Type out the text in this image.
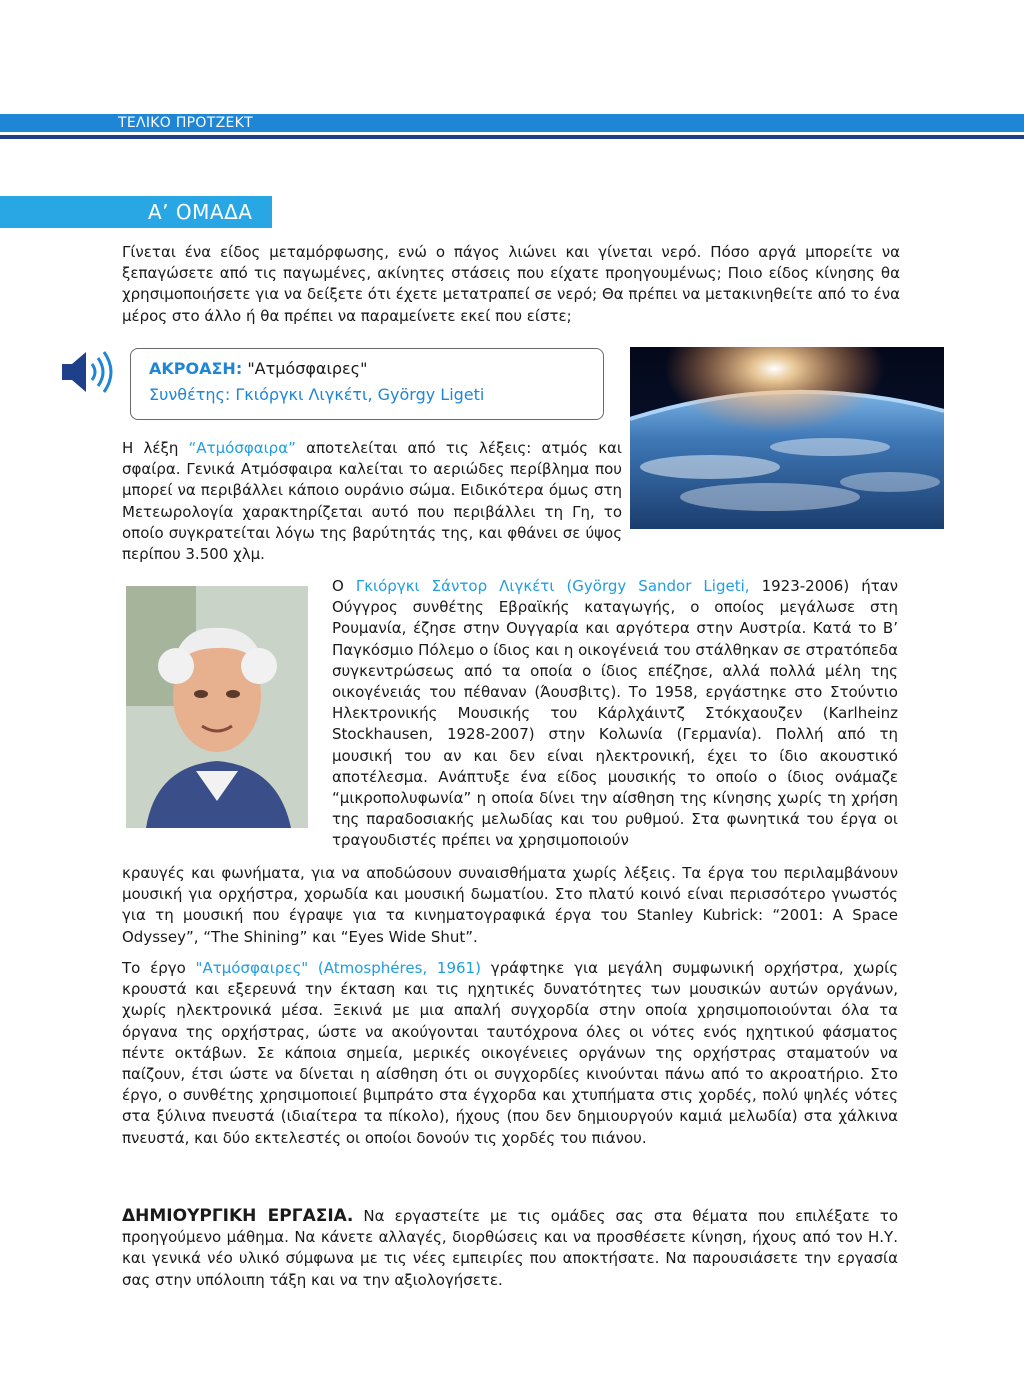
ΤΕΛΙΚΟ ΠΡΟΤΖΕΚΤ
Α’ ΟΜΑΔΑ

Γίνεται ένα είδος μεταμόρφωσης, ενώ ο πάγος λιώνει και γίνεται νερό. Πόσο αργά μπορείτε να ξεπαγώσετε από τις παγωμένες, ακίνητες στάσεις που είχατε προηγουμένως; Ποιο είδος κίνησης θα χρησιμοποιήσετε για να δείξετε ότι έχετε μετατραπεί σε νερό; Θα πρέπει να μετακινηθείτε από το ένα μέρος στο άλλο ή θα πρέπει να παραμείνετε εκεί που είστε;

ΑΚΡΟΑΣΗ: "Ατμόσφαιρες"
Συνθέτης: Γκιόργκι Λιγκέτι, György Ligeti

Η λέξη “Ατμόσφαιρα” αποτελείται από τις λέξεις: ατμός και σφαίρα. Γενικά Ατμόσφαιρα καλείται το αεριώδες περίβλημα που μπορεί να περιβάλλει κάποιο ουράνιο σώμα. Ειδικότερα όμως στη Μετεωρολογία χαρακτηρίζεται αυτό που περιβάλλει τη Γη, το οποίο συγκρατείται λόγω της βαρύτητάς της, και φθάνει σε ύψος περίπου 3.500 χλμ.

Ο Γκιόργκι Σάντορ Λιγκέτι (György Sandor Ligeti, 1923-2006) ήταν Ούγγρος συνθέτης Εβραϊκής καταγωγής, ο οποίος μεγάλωσε στη Ρουμανία, έζησε στην Ουγγαρία και αργότερα στην Αυστρία. Κατά το Β’ Παγκόσμιο Πόλεμο ο ίδιος και η οικογένειά του στάλθηκαν σε στρατόπεδα συγκεντρώσεως από τα οποία ο ίδιος επέζησε, αλλά πολλά μέλη της οικογένειάς του πέθαναν (Άουσβιτς). Το 1958, εργάστηκε στο Στούντιο Ηλεκτρονικής Μουσικής του Κάρλχάιντζ Στόκχαουζεν (Karlheinz Stockhausen, 1928-2007) στην Κολωνία (Γερμανία). Πολλή από τη μουσική του αν και δεν είναι ηλεκτρονική, έχει το ίδιο ακουστικό αποτέλεσμα. Ανάπτυξε ένα είδος μουσικής το οποίο ο ίδιος ονάμαζε “μικροπολυφωνία” η οποία δίνει την αίσθηση της κίνησης χωρίς τη χρήση της παραδοσιακής μελωδίας και του ρυθμού. Στα φωνητικά του έργα οι τραγουδιστές πρέπει να χρησιμοποιούν

κραυγές και φωνήματα, για να αποδώσουν συναισθήματα χωρίς λέξεις. Τα έργα του περιλαμβάνουν μουσική για ορχήστρα, χορωδία και μουσική δωματίου. Στο πλατύ κοινό είναι περισσότερο γνωστός για τη μουσική που έγραψε για τα κινηματογραφικά έργα του Stanley Kubrick: “2001: A Space Odyssey”, “The Shining” και “Eyes Wide Shut”.

Το έργο "Ατμόσφαιρες" (Atmosphéres, 1961) γράφτηκε για μεγάλη συμφωνική ορχήστρα, χωρίς κρουστά και εξερευνά την έκταση και τις ηχητικές δυνατότητες των μουσικών αυτών οργάνων, χωρίς ηλεκτρονικά μέσα. Ξεκινά με μια απαλή συγχορδία στην οποία χρησιμοποιούνται όλα τα όργανα της ορχήστρας, ώστε να ακούγονται ταυτόχρονα όλες οι νότες ενός ηχητικού φάσματος πέντε οκτάβων. Σε κάποια σημεία, μερικές οικογένειες οργάνων της ορχήστρας σταματούν να παίζουν, έτσι ώστε να δίνεται η αίσθηση ότι οι συγχορδίες κινούνται πάνω από το ακροατήριο. Στο έργο, ο συνθέτης χρησιμοποιεί βιμπράτο στα έγχορδα και χτυπήματα στις χορδές, πολύ ψηλές νότες στα ξύλινα πνευστά (ιδιαίτερα τα πίκολο), ήχους (που δεν δημιουργούν καμιά μελωδία) στα χάλκινα πνευστά, και δύο εκτελεστές οι οποίοι δονούν τις χορδές του πιάνου.

ΔΗΜΙΟΥΡΓΙΚΗ ΕΡΓΑΣΙΑ. Να εργαστείτε με τις ομάδες σας στα θέματα που επιλέξατε το προηγούμενο μάθημα. Να κάνετε αλλαγές, διορθώσεις και να προσθέσετε κίνηση, ήχους από τον Η.Υ. και γενικά νέο υλικό σύμφωνα με τις νέες εμπειρίες που αποκτήσατε. Να παρουσιάσετε την εργασία σας στην υπόλοιπη τάξη και να την αξιολογήσετε.
